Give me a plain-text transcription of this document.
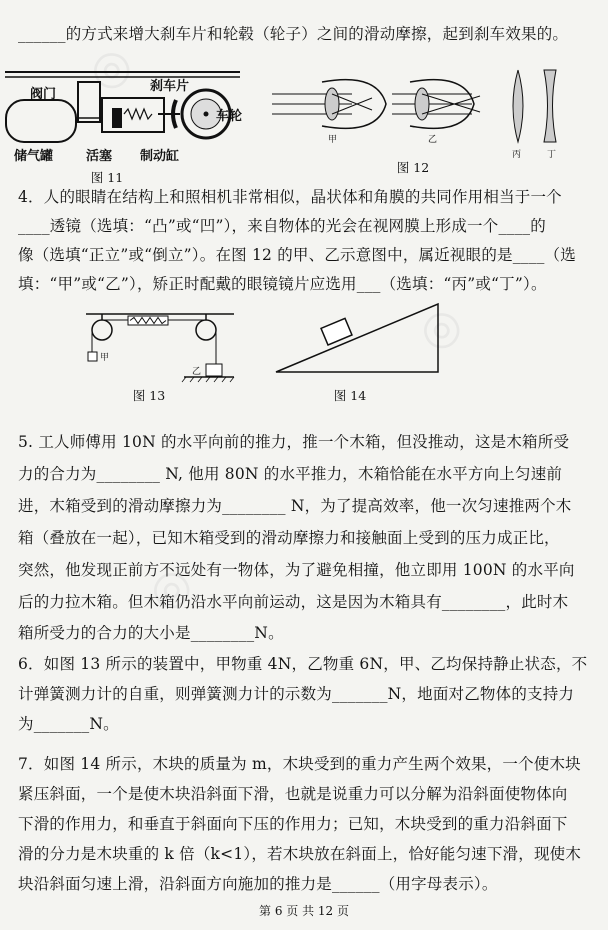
◎
◎
◎
______的方式来增大刹车片和轮毂（轮子）之间的滑动摩擦，起到刹车效果的。
阀门
刹车片
车轮
储气罐	活塞 制动缸
图 11
甲	乙
丙	丁
图 12
4．人的眼睛在结构上和照相机非常相似，晶状体和角膜的共同作用相当于一个
____透镜（选填：“凸”或“凹”），来自物体的光会在视网膜上形成一个____的
像（选填“正立”或“倒立”）。在图 12 的甲、乙示意图中，属近视眼的是____（选
填：“甲”或“乙”），矫正时配戴的眼镜镜片应选用___（选填：“丙”或“丁”）。
甲
乙
图 13	图 14
5. 工人师傅用 10N 的水平向前的推力，推一个木箱，但没推动，这是木箱所受
力的合力为________ N, 他用 80N 的水平推力，木箱恰能在水平方向上匀速前
进，木箱受到的滑动摩擦力为________ N，为了提高效率，他一次匀速推两个木
箱（叠放在一起），已知木箱受到的滑动摩擦力和接触面上受到的压力成正比，
突然，他发现正前方不远处有一物体，为了避免相撞，他立即用 100N 的水平向
后的力拉木箱。但木箱仍沿水平向前运动，这是因为木箱具有________，此时木
箱所受力的合力的大小是________N。
6．如图 13 所示的装置中，甲物重 4N，乙物重 6N，甲、乙均保持静止状态，不
计弹簧测力计的自重，则弹簧测力计的示数为_______N，地面对乙物体的支持力
为_______N。
7．如图 14 所示，木块的质量为 m，木块受到的重力产生两个效果，一个使木块
紧压斜面，一个是使木块沿斜面下滑，也就是说重力可以分解为沿斜面使物体向
下滑的作用力，和垂直于斜面向下压的作用力；已知，木块受到的重力沿斜面下
滑的分力是木块重的 k 倍（k<1），若木块放在斜面上，恰好能匀速下滑，现使木
块沿斜面匀速上滑，沿斜面方向施加的推力是______（用字母表示）。
第 6 页 共 12 页
